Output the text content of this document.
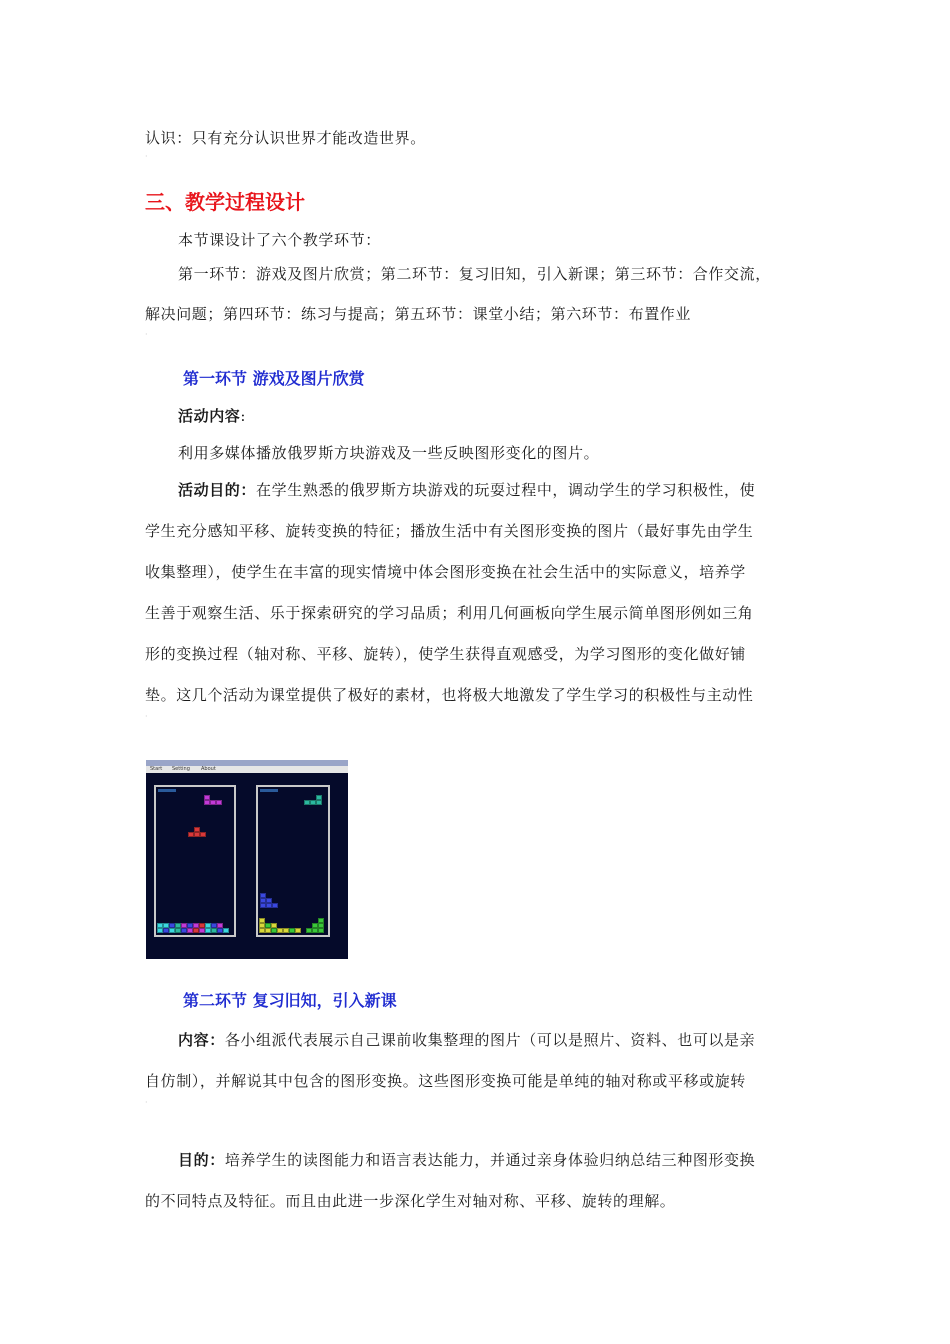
认识：只有充分认识世界才能改造世界。
·
三、教学过程设计
本节课设计了六个教学环节：
第一环节：游戏及图片欣赏；第二环节：复习旧知，引入新课；第三环节：合作交流，
解决问题；第四环节：练习与提高；第五环节：课堂小结；第六环节：布置作业
·
第一环节 游戏及图片欣赏
活动内容:
利用多媒体播放俄罗斯方块游戏及一些反映图形变化的图片。
活动目的：在学生熟悉的俄罗斯方块游戏的玩耍过程中，调动学生的学习积极性，使
学生充分感知平移、旋转变换的特征；播放生活中有关图形变换的图片（最好事先由学生
收集整理），使学生在丰富的现实情境中体会图形变换在社会生活中的实际意义，培养学
生善于观察生活、乐于探索研究的学习品质；利用几何画板向学生展示简单图形例如三角
形的变换过程（轴对称、平移、旋转），使学生获得直观感受，为学习图形的变化做好铺
垫。这几个活动为课堂提供了极好的素材，也将极大地激发了学生学习的积极性与主动性
·
Start Setting About
第二环节 复习旧知，引入新课
内容：各小组派代表展示自己课前收集整理的图片（可以是照片、资料、也可以是亲
自仿制），并解说其中包含的图形变换。这些图形变换可能是单纯的轴对称或平移或旋转
·
目的：培养学生的读图能力和语言表达能力，并通过亲身体验归纳总结三种图形变换
的不同特点及特征。而且由此进一步深化学生对轴对称、平移、旋转的理解。
